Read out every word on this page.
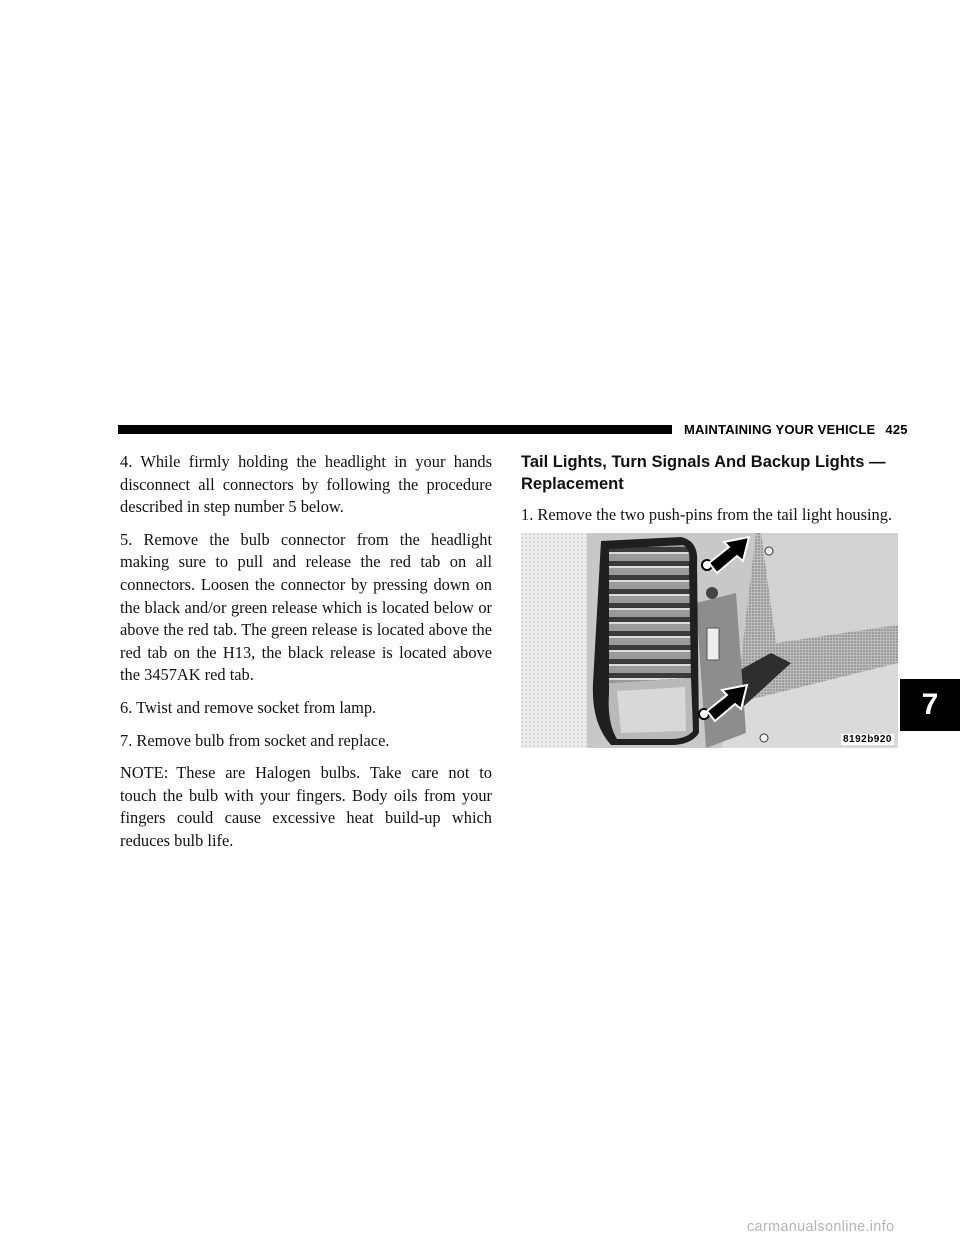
MAINTAINING YOUR VEHICLE 425

4. While firmly holding the headlight in your hands disconnect all connectors by following the procedure described in step number 5 below.

5. Remove the bulb connector from the headlight making sure to pull and release the red tab on all connectors. Loosen the connector by pressing down on the black and/or green release which is located below or above the red tab. The green release is located above the red tab on the H13, the black release is located above the 3457AK red tab.

6. Twist and remove socket from lamp.

7. Remove bulb from socket and replace.

NOTE: These are Halogen bulbs. Take care not to touch the bulb with your fingers. Body oils from your fingers could cause excessive heat build-up which reduces bulb life.

Tail Lights, Turn Signals And Backup Lights — Replacement

1. Remove the two push-pins from the tail light housing.

8192b920
7
carmanualsonline.info
